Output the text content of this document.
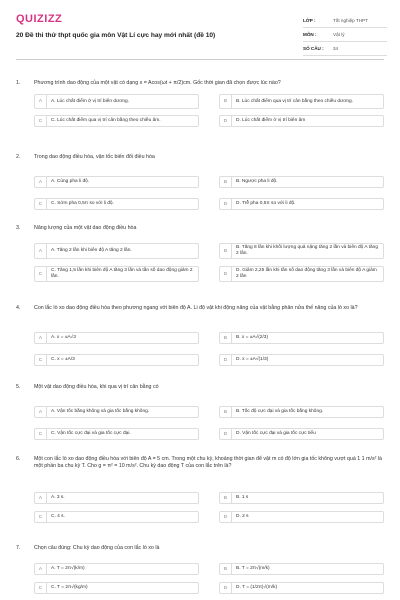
QUIZIZZ
20 Đề thi thử thpt quốc gia môn Vật Lí cực hay mới nhất (đề 10)
LỚP :	Tốt nghiệp THPT
MÔN :	Vật lý
SỐ CÂU :	34
1.	Phương trình dao động của một vật có dạng x = Acos(ωt + π/2)cm. Gốc thời gian đã chọn được lúc nào?
A	A. Lúc chất điểm ở vị trí biên dương.	B	B. Lúc chất điểm qua vị trí cân bằng theo chiều dương.
C	C. Lúc chất điểm qua vị trí cân bằng theo chiều âm.	D	D. Lúc chất điểm ở vị trí biên âm
2.	Trong dao động điều hòa, vận tốc biến đổi điều hòa
A	A. Cùng pha li độ.	B	B. Ngược pha li độ.
C	C. Sớm pha 0,5π so với li độ.	D	D. Trễ pha 0,5π so với li độ.
3.	Năng lượng của một vật dao động điều hòa
A	A. Tăng 2 lần khi biên độ A tăng 2 lần.	B
B. Tăng 8 lần khi khối lượng quả nặng tăng 2 lần và biên độ A tăng 2 lần.
C
C. Tăng 1,5 lần khi biên độ A tăng 3 lần và tần số dao động giảm 2 lần.	D
D. Giảm 2,25 lần khi tần số dao động tăng 3 lần và biên độ A giảm 2 lần
4.	Con lắc lò xo dao động điều hòa theo phương ngang với biên độ A. Li độ vật khi động năng của vật bằng phân nửa thế năng của lò xo là?
A	A. x = ±A√3	B	B. x = ±A√(2/3)
C	C. x = ±A/3	D	D. x = ±A√(1/3)
5.	Một vật dao động điều hòa, khi qua vị trí cân bằng có
A	A. Vận tốc bằng không và gia tốc bằng không.	B	B. Tốc độ cực đại và gia tốc bằng không.
C	C. Vận tốc cực đại và gia tốc cực đại.	D	D. Vận tốc cực đại và gia tốc cực tiểu
6.	Một con lắc lò xo dao động điều hòa với biên độ A = 5 cm. Trong một chu kỳ, khoảng thời gian để vật m có độ lớn gia tốc không vượt quá 1 1 m/s² là một phần ba chu kỳ T. Cho g = π² = 10 m/s². Chu kỳ dao động T của con lắc trên là?
A	A. 3 s.	B	B. 1 s
C	C. 4 s.	D	D. 2 s
7.	Chọn câu đúng: Chu kỳ dao động của con lắc lò xo là
A	A. T = 2π√(k/m)	B	B. T = 2π√(m/k)
C	C. T = 2π√(kg/m)	D	D. T = (1/2π)√(m/k)
